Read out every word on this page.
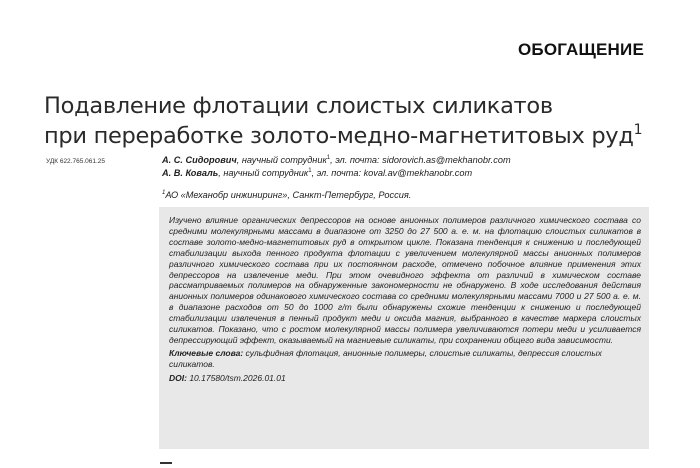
ОБОГАЩЕНИЕ
Подавление флотации слоистых силикатов
при переработке золото-медно-магнетитовых руд$^1$
УДК 622.765.061.25	А. С. Сидорович, научный сотрудник$^1$, эл. почта: sidorovich.as@mekhanobr.com
А. В. Коваль, научный сотрудник$^1$, эл. почта: koval.av@mekhanobr.com
$^1$АО «Механобр инжиниринг», Санкт-Петербург, Россия.

Изучено влияние органических депрессоров на основе анионных полимеров различного химического состава со средними молекулярными массами в диапазоне от 3250 до 27 500 а. е. м. на флотацию слоистых силикатов в составе золото-медно-магнетитовых руд в открытом цикле. Показана тенденция к снижению и последующей стабилизации выхода пенного продукта флотации с увеличением молекулярной массы анионных полимеров различного химического состава при их постоянном расходе, отмечено побочное влияние применения этих депрессоров на извлечение меди. При этом очевидного эффекта от различий в химическом составе рассматриваемых полимеров на обнаруженные закономерности не обнаружено. В ходе исследования действия анионных полимеров одинакового химического состава со средними молекулярными массами 7000 и 27 500 а. е. м. в диапазоне расходов от 50 до 1000 г/т были обнаружены схожие тенденции к снижению и последующей стабилизации извлечения в пенный продукт меди и оксида магния, выбранного в качестве маркера слоистых силикатов. Показано, что с ростом молекулярной массы полимера увеличиваются потери меди и усиливается депрессирующий эффект, оказываемый на магниевые силикаты, при сохранении общего вида зависимости.

Ключевые слова: сульфидная флотация, анионные полимеры, слоистые силикаты, депрессия слоистых силикатов.
DOI: 10.17580/tsm.2026.01.01
